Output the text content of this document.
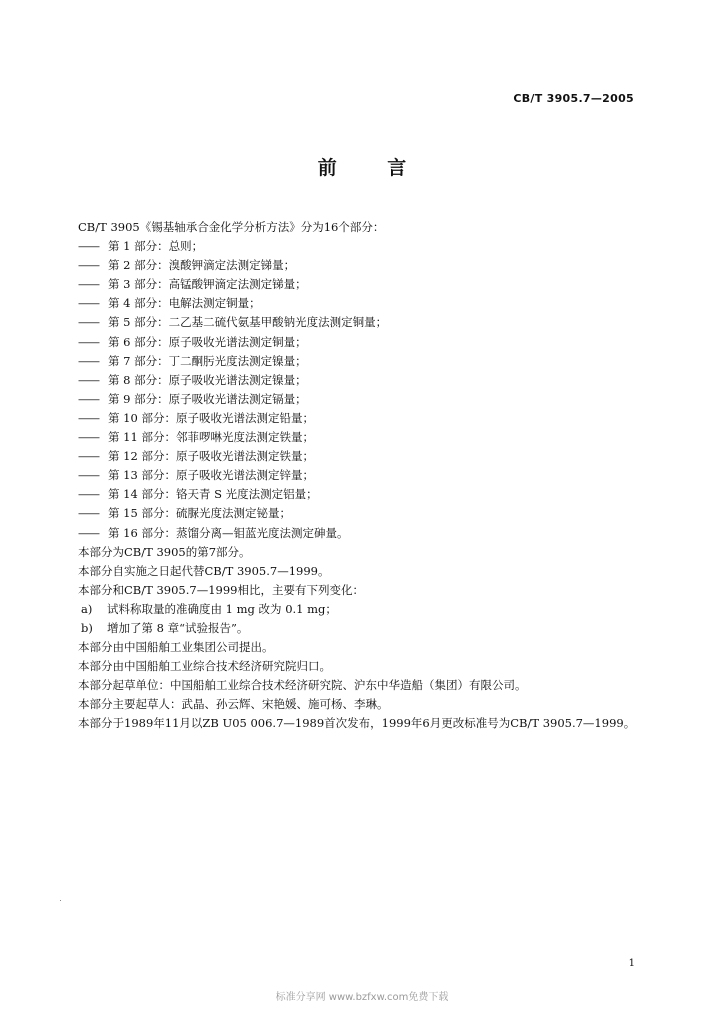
CB/T 3905.7—2005
前 言
CB/T 3905《锡基轴承合金化学分析方法》分为16个部分：
—— 第 1 部分：总则；
—— 第 2 部分：溴酸钾滴定法测定锑量；
—— 第 3 部分：高锰酸钾滴定法测定锑量；
—— 第 4 部分：电解法测定铜量；
—— 第 5 部分：二乙基二硫代氨基甲酸钠光度法测定铜量；
—— 第 6 部分：原子吸收光谱法测定铜量；
—— 第 7 部分：丁二酮肟光度法测定镍量；
—— 第 8 部分：原子吸收光谱法测定镍量；
—— 第 9 部分：原子吸收光谱法测定镉量；
—— 第 10 部分：原子吸收光谱法测定铅量；
—— 第 11 部分：邻菲啰啉光度法测定铁量；
—— 第 12 部分：原子吸收光谱法测定铁量；
—— 第 13 部分：原子吸收光谱法测定锌量；
—— 第 14 部分：铬天青 S 光度法测定铝量；
—— 第 15 部分：硫脲光度法测定铋量；
—— 第 16 部分：蒸馏分离—钼蓝光度法测定砷量。
本部分为CB/T 3905的第7部分。
本部分自实施之日起代替CB/T 3905.7—1999。
本部分和CB/T 3905.7—1999相比，主要有下列变化：
a) 试料称取量的准确度由 1 mg 改为 0.1 mg；
b) 增加了第 8 章“试验报告”。
本部分由中国船舶工业集团公司提出。
本部分由中国船舶工业综合技术经济研究院归口。
本部分起草单位：中国船舶工业综合技术经济研究院、沪东中华造船（集团）有限公司。
本部分主要起草人：武晶、孙云辉、宋艳媛、施可杨、李琳。
本部分于1989年11月以ZB U05 006.7—1989首次发布，1999年6月更改标准号为CB/T 3905.7—1999。
1
标准分享网 www.bzfxw.com免费下载
